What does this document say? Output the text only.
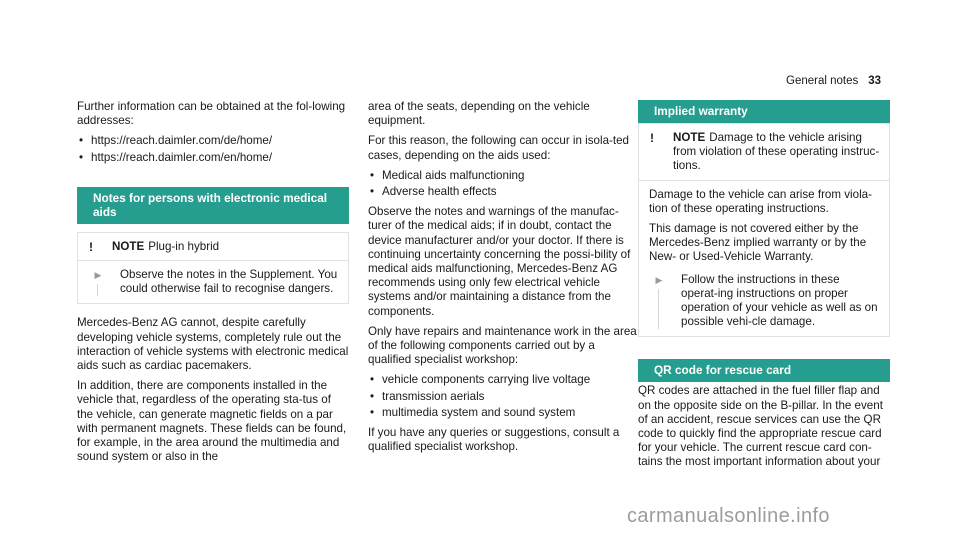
General notes 33

Further information can be obtained at the fol-lowing addresses:

• https://reach.daimler.com/de/home/
• https://reach.daimler.com/en/home/
Notes for persons with electronic medical aids
!	NOTE Plug-in hybrid
▶	Observe the notes in the Supplement. You could otherwise fail to recognise dangers.

Mercedes-Benz AG cannot, despite carefully developing vehicle systems, completely rule out the interaction of vehicle systems with electronic medical aids such as cardiac pacemakers.

In addition, there are components installed in the vehicle that, regardless of the operating sta-tus of the vehicle, can generate magnetic fields on a par with permanent magnets. These fields can be found, for example, in the area around the multimedia and sound system or also in the

area of the seats, depending on the vehicle equipment.

For this reason, the following can occur in isola-ted cases, depending on the aids used:

• Medical aids malfunctioning
• Adverse health effects

Observe the notes and warnings of the manufac-turer of the medical aids; if in doubt, contact the device manufacturer and/or your doctor. If there is continuing uncertainty concerning the possi-bility of medical aids malfunctioning, Mercedes-Benz AG recommends using only few electrical vehicle systems and/or maintaining a distance from the components.

Only have repairs and maintenance work in the area of the following components carried out by a qualified specialist workshop:

• vehicle components carrying live voltage
• transmission aerials
• multimedia system and sound system

If you have any queries or suggestions, consult a qualified specialist workshop.

Implied warranty
!	NOTE Damage to the vehicle arising from violation of these operating instruc-tions.

Damage to the vehicle can arise from viola-tion of these operating instructions.

This damage is not covered either by the Mercedes-Benz implied warranty or by the New- or Used-Vehicle Warranty.

▶	Follow the instructions in these operat-ing instructions on proper operation of your vehicle as well as on possible vehi-cle damage.
QR code for rescue card

QR codes are attached in the fuel filler flap and on the opposite side on the B-pillar. In the event of an accident, rescue services can use the QR code to quickly find the appropriate rescue card for your vehicle. The current rescue card con-tains the most important information about your

carmanualsonline.info
